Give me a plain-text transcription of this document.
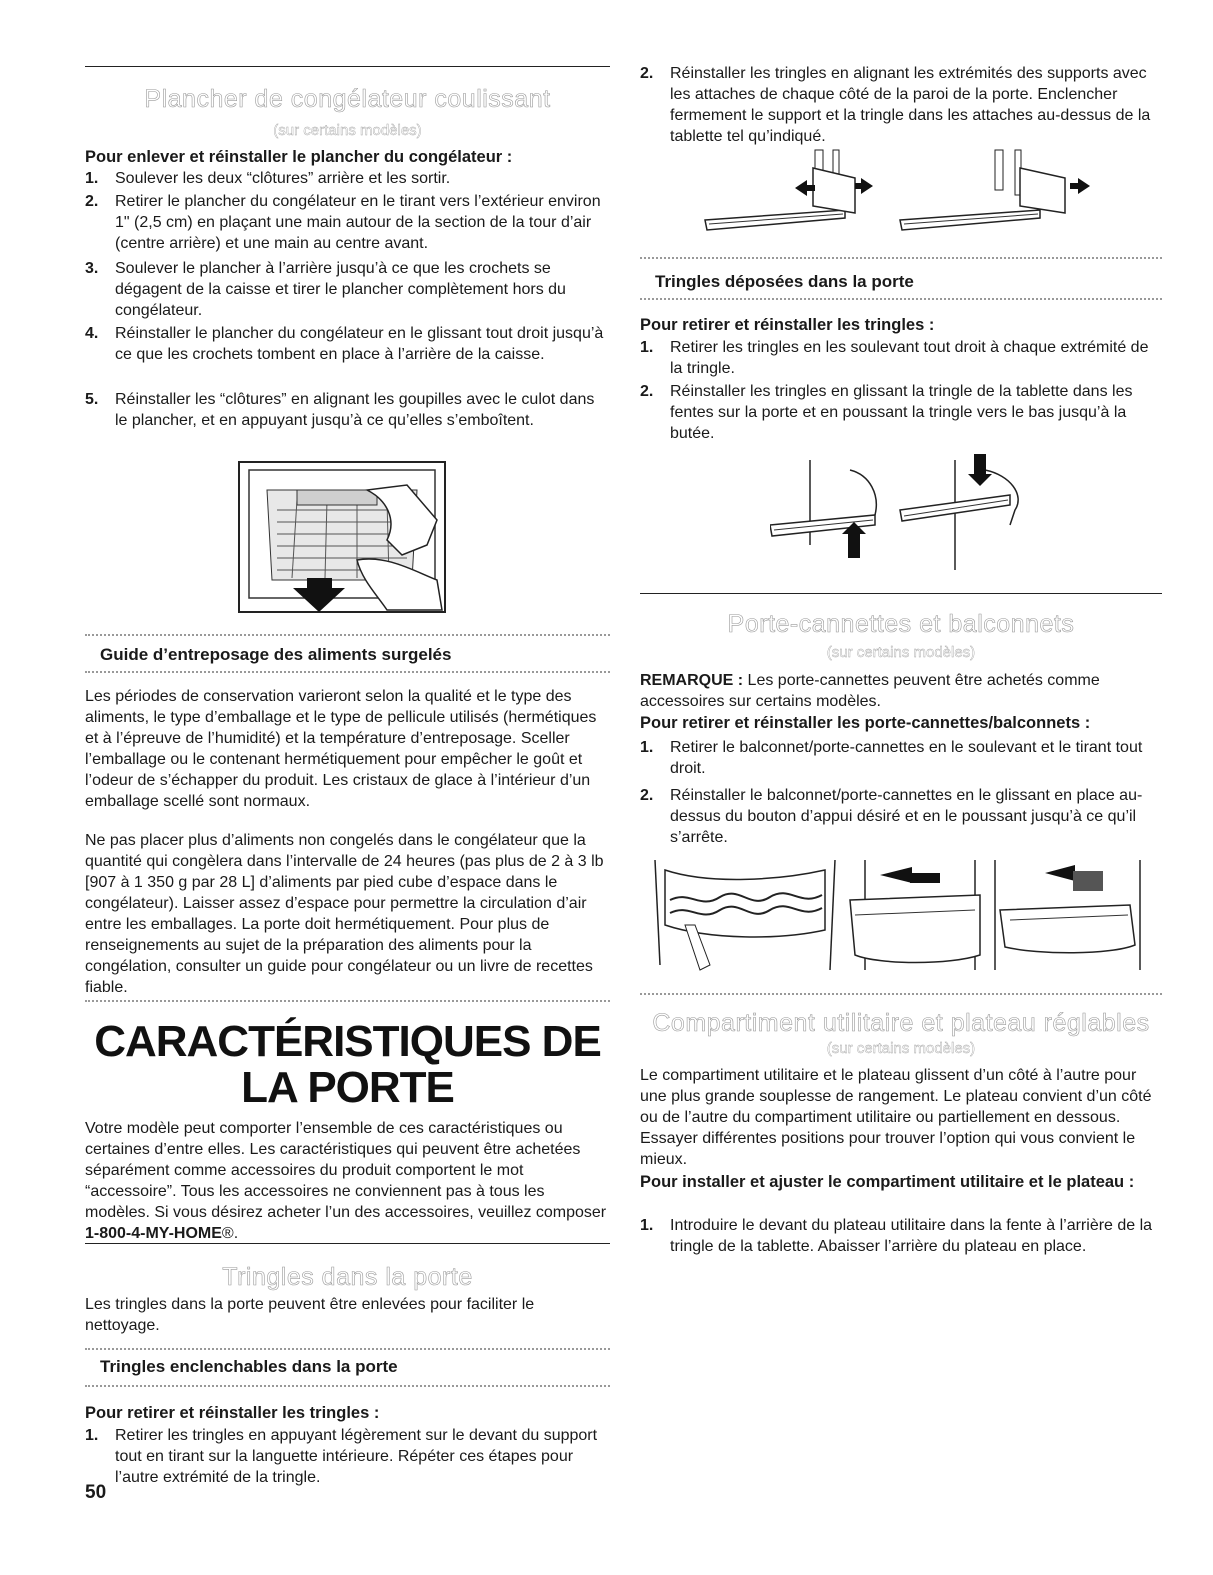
Plancher de congélateur coulissant
(sur certains modèles)
Pour enlever et réinstaller le plancher du congélateur :
1. Soulever les deux “clôtures” arrière et les sortir.
2. Retirer le plancher du congélateur en le tirant vers l’extérieur environ 1" (2,5 cm) en plaçant une main autour de la section de la tour d’air (centre arrière) et une main au centre avant.
3. Soulever le plancher à l’arrière jusqu’à ce que les crochets se dégagent de la caisse et tirer le plancher complètement hors du congélateur.
4. Réinstaller le plancher du congélateur en le glissant tout droit jusqu’à ce que les crochets tombent en place à l’arrière de la caisse.
5. Réinstaller les “clôtures” en alignant les goupilles avec le culot dans le plancher, et en appuyant jusqu’à ce qu’elles s’emboîtent.
Guide d’entreposage des aliments surgelés
Les périodes de conservation varieront selon la qualité et le type des aliments, le type d’emballage et le type de pellicule utilisés (hermétiques et à l’épreuve de l’humidité) et la température d’entreposage. Sceller l’emballage ou le contenant hermétiquement pour empêcher le goût et l’odeur de s’échapper du produit. Les cristaux de glace à l’intérieur d’un emballage scellé sont normaux.
Ne pas placer plus d’aliments non congelés dans le congélateur que la quantité qui congèlera dans l’intervalle de 24 heures (pas plus de 2 à 3 lb [907 à 1 350 g par 28 L] d’aliments par pied cube d’espace dans le congélateur). Laisser assez d’espace pour permettre la circulation d’air entre les emballages. La porte doit hermétiquement. Pour plus de renseignements au sujet de la préparation des aliments pour la congélation, consulter un guide pour congélateur ou un livre de recettes fiable.
CARACTÉRISTIQUES DE
LA PORTE
Votre modèle peut comporter l’ensemble de ces caractéristiques ou certaines d’entre elles. Les caractéristiques qui peuvent être achetées séparément comme accessoires du produit comportent le mot “accessoire”. Tous les accessoires ne conviennent pas à tous les modèles. Si vous désirez acheter l’un des accessoires, veuillez composer 1-800-4-MY-HOME®.
Tringles dans la porte
Les tringles dans la porte peuvent être enlevées pour faciliter le nettoyage.
Tringles enclenchables dans la porte
Pour retirer et réinstaller les tringles :
1. Retirer les tringles en appuyant légèrement sur le devant du support tout en tirant sur la languette intérieure. Répéter ces étapes pour l’autre extrémité de la tringle.
50
2. Réinstaller les tringles en alignant les extrémités des supports avec les attaches de chaque côté de la paroi de la porte. Enclencher fermement le support et la tringle dans les attaches au-dessus de la tablette tel qu’indiqué.
Tringles déposées dans la porte
Pour retirer et réinstaller les tringles :
1. Retirer les tringles en les soulevant tout droit à chaque extrémité de la tringle.
2. Réinstaller les tringles en glissant la tringle de la tablette dans les fentes sur la porte et en poussant la tringle vers le bas jusqu’à la butée.
Porte-cannettes et balconnets
(sur certains modèles)
REMARQUE : Les porte-cannettes peuvent être achetés comme accessoires sur certains modèles.
Pour retirer et réinstaller les porte-cannettes/balconnets :
1. Retirer le balconnet/porte-cannettes en le soulevant et le tirant tout droit.
2. Réinstaller le balconnet/porte-cannettes en le glissant en place au-dessus du bouton d’appui désiré et en le poussant jusqu’à ce qu’il s’arrête.
Compartiment utilitaire et plateau réglables
(sur certains modèles)
Le compartiment utilitaire et le plateau glissent d’un côté à l’autre pour une plus grande souplesse de rangement. Le plateau convient d’un côté ou de l’autre du compartiment utilitaire ou partiellement en dessous. Essayer différentes positions pour trouver l’option qui vous convient le mieux.
Pour installer et ajuster le compartiment utilitaire et le plateau :
1. Introduire le devant du plateau utilitaire dans la fente à l’arrière de la tringle de la tablette. Abaisser l’arrière du plateau en place.
